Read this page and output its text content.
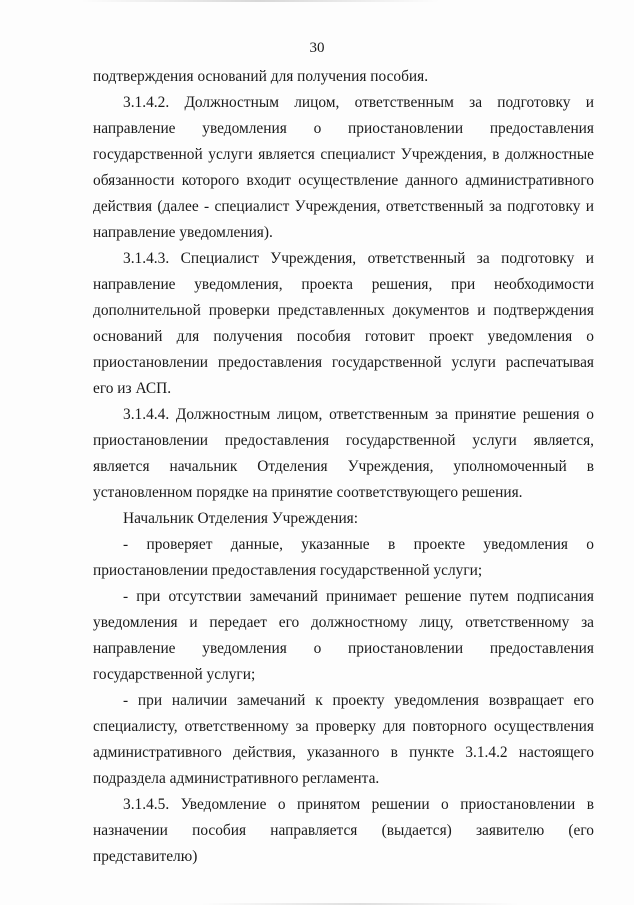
30

подтверждения оснований для получения пособия.

3.1.4.2. Должностным лицом, ответственным за подготовку и направление уведомления о приостановлении предоставления государственной услуги является специалист Учреждения, в должностные обязанности которого входит осуществление данного административного действия (далее - специалист Учреждения, ответственный за подготовку и направление уведомления).

3.1.4.3. Специалист Учреждения, ответственный за подготовку и направление уведомления, проекта решения, при необходимости дополнительной проверки представленных документов и подтверждения оснований для получения пособия готовит проект уведомления о приостановлении предоставления государственной услуги распечатывая его из АСП.

3.1.4.4. Должностным лицом, ответственным за принятие решения о приостановлении предоставления государственной услуги является, является начальник Отделения Учреждения, уполномоченный в установленном порядке на принятие соответствующего решения.

Начальник Отделения Учреждения:

- проверяет данные, указанные в проекте уведомления о приостановлении предоставления государственной услуги;

- при отсутствии замечаний принимает решение путем подписания уведомления и передает его должностному лицу, ответственному за направление уведомления о приостановлении предоставления государственной услуги;

- при наличии замечаний к проекту уведомления возвращает его специалисту, ответственному за проверку для повторного осуществления административного действия, указанного в пункте 3.1.4.2 настоящего подраздела административного регламента.

3.1.4.5. Уведомление о принятом решении о приостановлении в назначении пособия направляется (выдается) заявителю (его представителю)
